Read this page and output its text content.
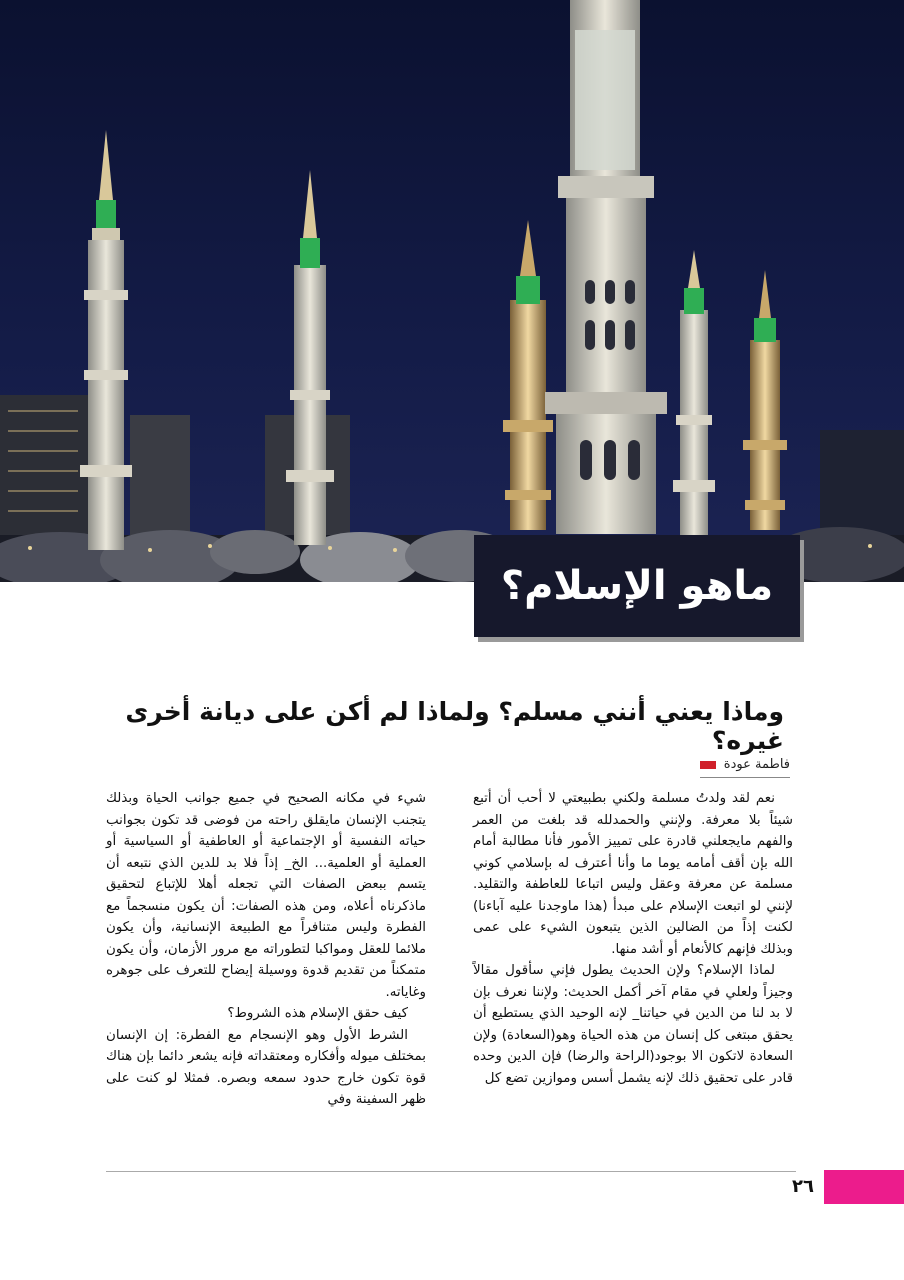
ماهو الإسلام؟
وماذا يعني أنني مسلم؟ ولماذا لم أكن على ديانة أخرى غيره؟
فاطمة عودة

نعم لقد ولدتُ مسلمة ولكني بطبيعتي لا أحب أن أتبع شيئاً بلا معرفة. ولإنني والحمدلله قد بلغت من العمر والفهم مايجعلني قادرة على تمييز الأمور فأنا مطالبة أمام الله بإن أقف أمامه يوما ما وأنا أعترف له بإسلامي كوني مسلمة عن معرفة وعقل وليس اتباعا للعاطفة والتقليد. لإنني لو اتبعت الإسلام على مبدأ (هذا ماوجدنا عليه آباءنا) لكنت إذاً من الضالين الذين يتبعون الشيء على عمى وبذلك فإنهم كالأنعام أو أشد منها.

لماذا الإسلام؟ ولإن الحديث يطول فإني سأقول مقالاً وجيزاً ولعلي في مقام آخر أكمل الحديث: ولإننا نعرف بإن لا بد لنا من الدين في حياتنا_ لإنه الوحيد الذي يستطيع أن يحقق مبتغى كل إنسان من هذه الحياة وهو(السعادة) ولإن السعادة لاتكون الا بوجود(الراحة والرضا) فإن الدين وحده قادر على تحقيق ذلك لإنه يشمل أسس وموازين تضع كل

شيء في مكانه الصحيح في جميع جوانب الحياة وبذلك يتجنب الإنسان مايقلق راحته من فوضى قد تكون بجوانب حياته النفسية أو الإجتماعية أو العاطفية أو السياسية أو العملية أو العلمية... الخ_ إذاً فلا بد للدين الذي نتبعه أن يتسم ببعض الصفات التي تجعله أهلا للإتباع لتحقيق ماذكرناه أعلاه، ومن هذه الصفات: أن يكون منسجماً مع الفطرة وليس متنافراً مع الطبيعة الإنسانية، وأن يكون ملائما للعقل ومواكبا لتطوراته مع مرور الأزمان، وأن يكون متمكناً من تقديم قدوة ووسيلة إيضاح للتعرف على جوهره وغاياته.

كيف حقق الإسلام هذه الشروط؟

الشرط الأول وهو الإنسجام مع الفطرة: إن الإنسان بمختلف ميوله وأفكاره ومعتقداته فإنه يشعر دائما بإن هناك قوة تكون خارج حدود سمعه وبصره. فمثلا لو كنت على ظهر السفينة وفي

٢٦
